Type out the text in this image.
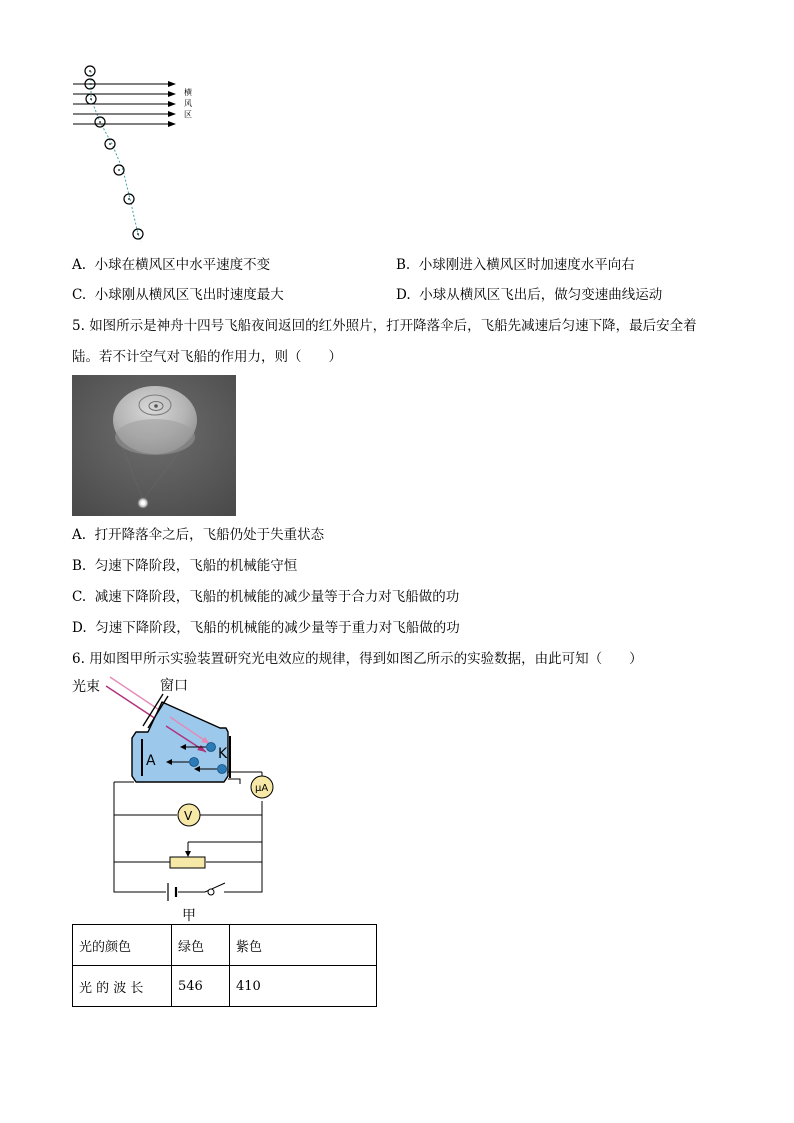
横
风
区
A. 小球在横风区中水平速度不变	B. 小球刚进入横风区时加速度水平向右
C. 小球刚从横风区飞出时速度最大	D. 小球从横风区飞出后，做匀变速曲线运动
5. 如图所示是神舟十四号飞船夜间返回的红外照片，打开降落伞后，飞船先减速后匀速下降，最后安全着
陆。若不计空气对飞船的作用力，则（　　）
A. 打开降落伞之后，飞船仍处于失重状态
B. 匀速下降阶段，飞船的机械能守恒
C. 减速下降阶段，飞船的机械能的减少量等于合力对飞船做的功
D. 匀速下降阶段，飞船的机械能的减少量等于重力对飞船做的功
6. 用如图甲所示实验装置研究光电效应的规律，得到如图乙所示的实验数据，由此可知（　　）
光束	窗口
A	K
μA
V
甲
光的颜色	绿色	紫色
光 的 波 长	546	410
